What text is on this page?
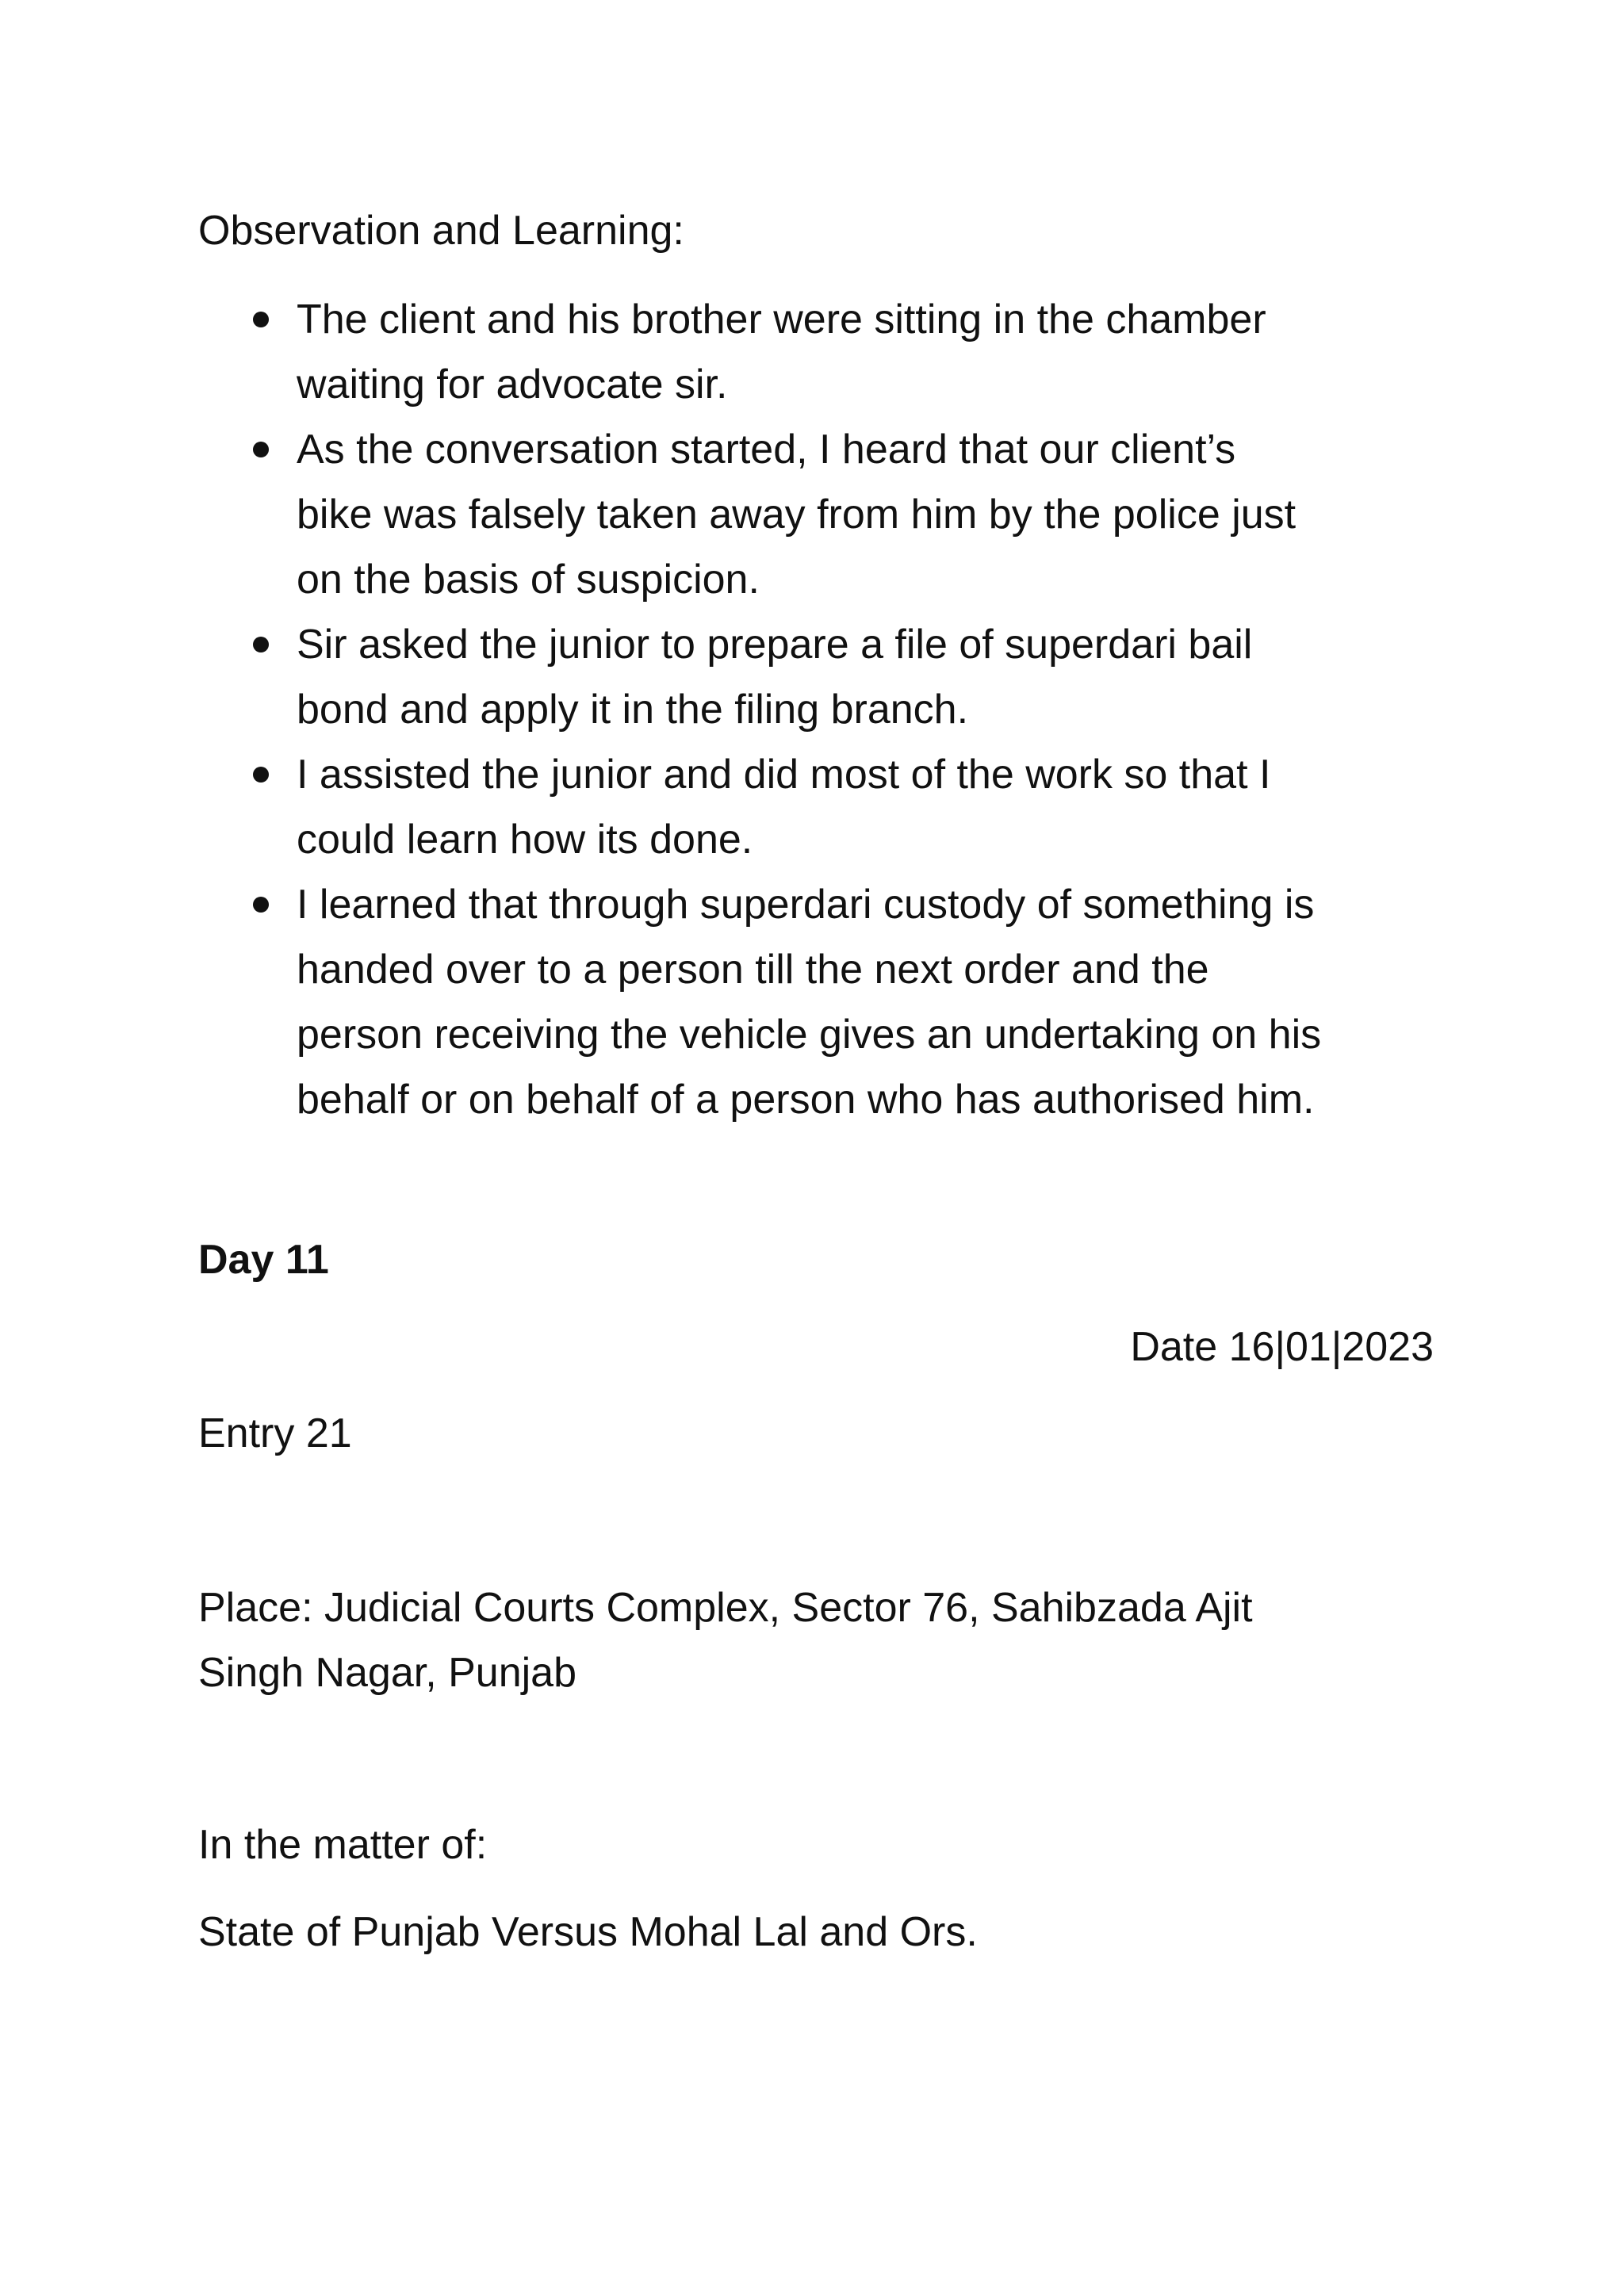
Observation and Learning:
The client and his brother were sitting in the chamber
waiting for advocate sir.
As the conversation started, I heard that our client’s
bike was falsely taken away from him by the police just
on the basis of suspicion.
Sir asked the junior to prepare a file of superdari bail
bond and apply it in the filing branch.
I assisted the junior and did most of the work so that I
could learn how its done.
I learned that through superdari custody of something is
handed over to a person till the next order and the
person receiving the vehicle gives an undertaking on his
behalf or on behalf of a person who has authorised him.
Day 11
Date 16|01|2023
Entry 21
Place: Judicial Courts Complex, Sector 76, Sahibzada Ajit
Singh Nagar, Punjab
In the matter of:
State of Punjab Versus Mohal Lal and Ors.
